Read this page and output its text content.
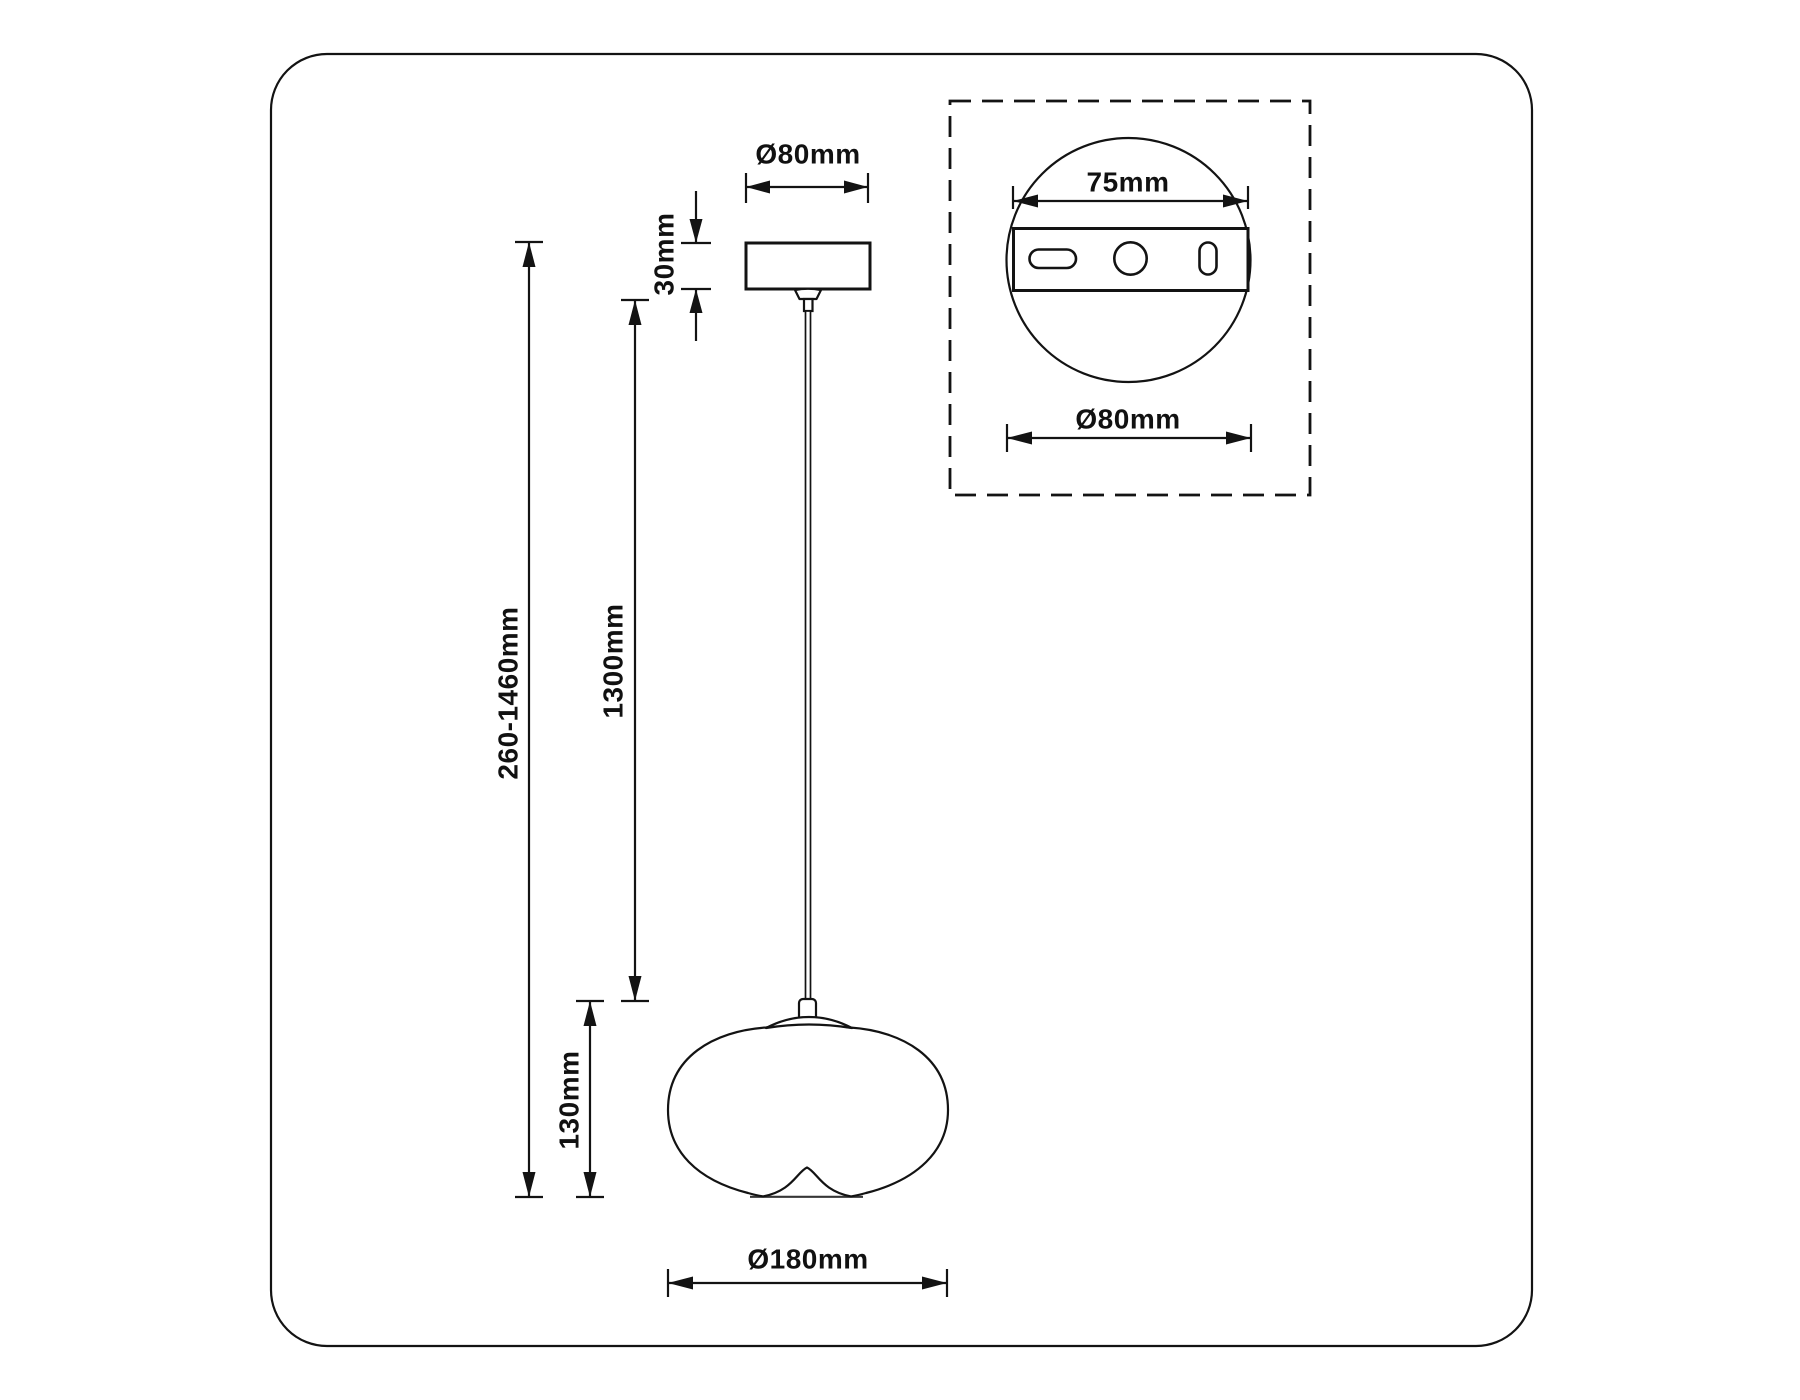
Ø80mm
30mm
260-1460mm	1300mm
130mm
Ø180mm
75mm
Ø80mm
